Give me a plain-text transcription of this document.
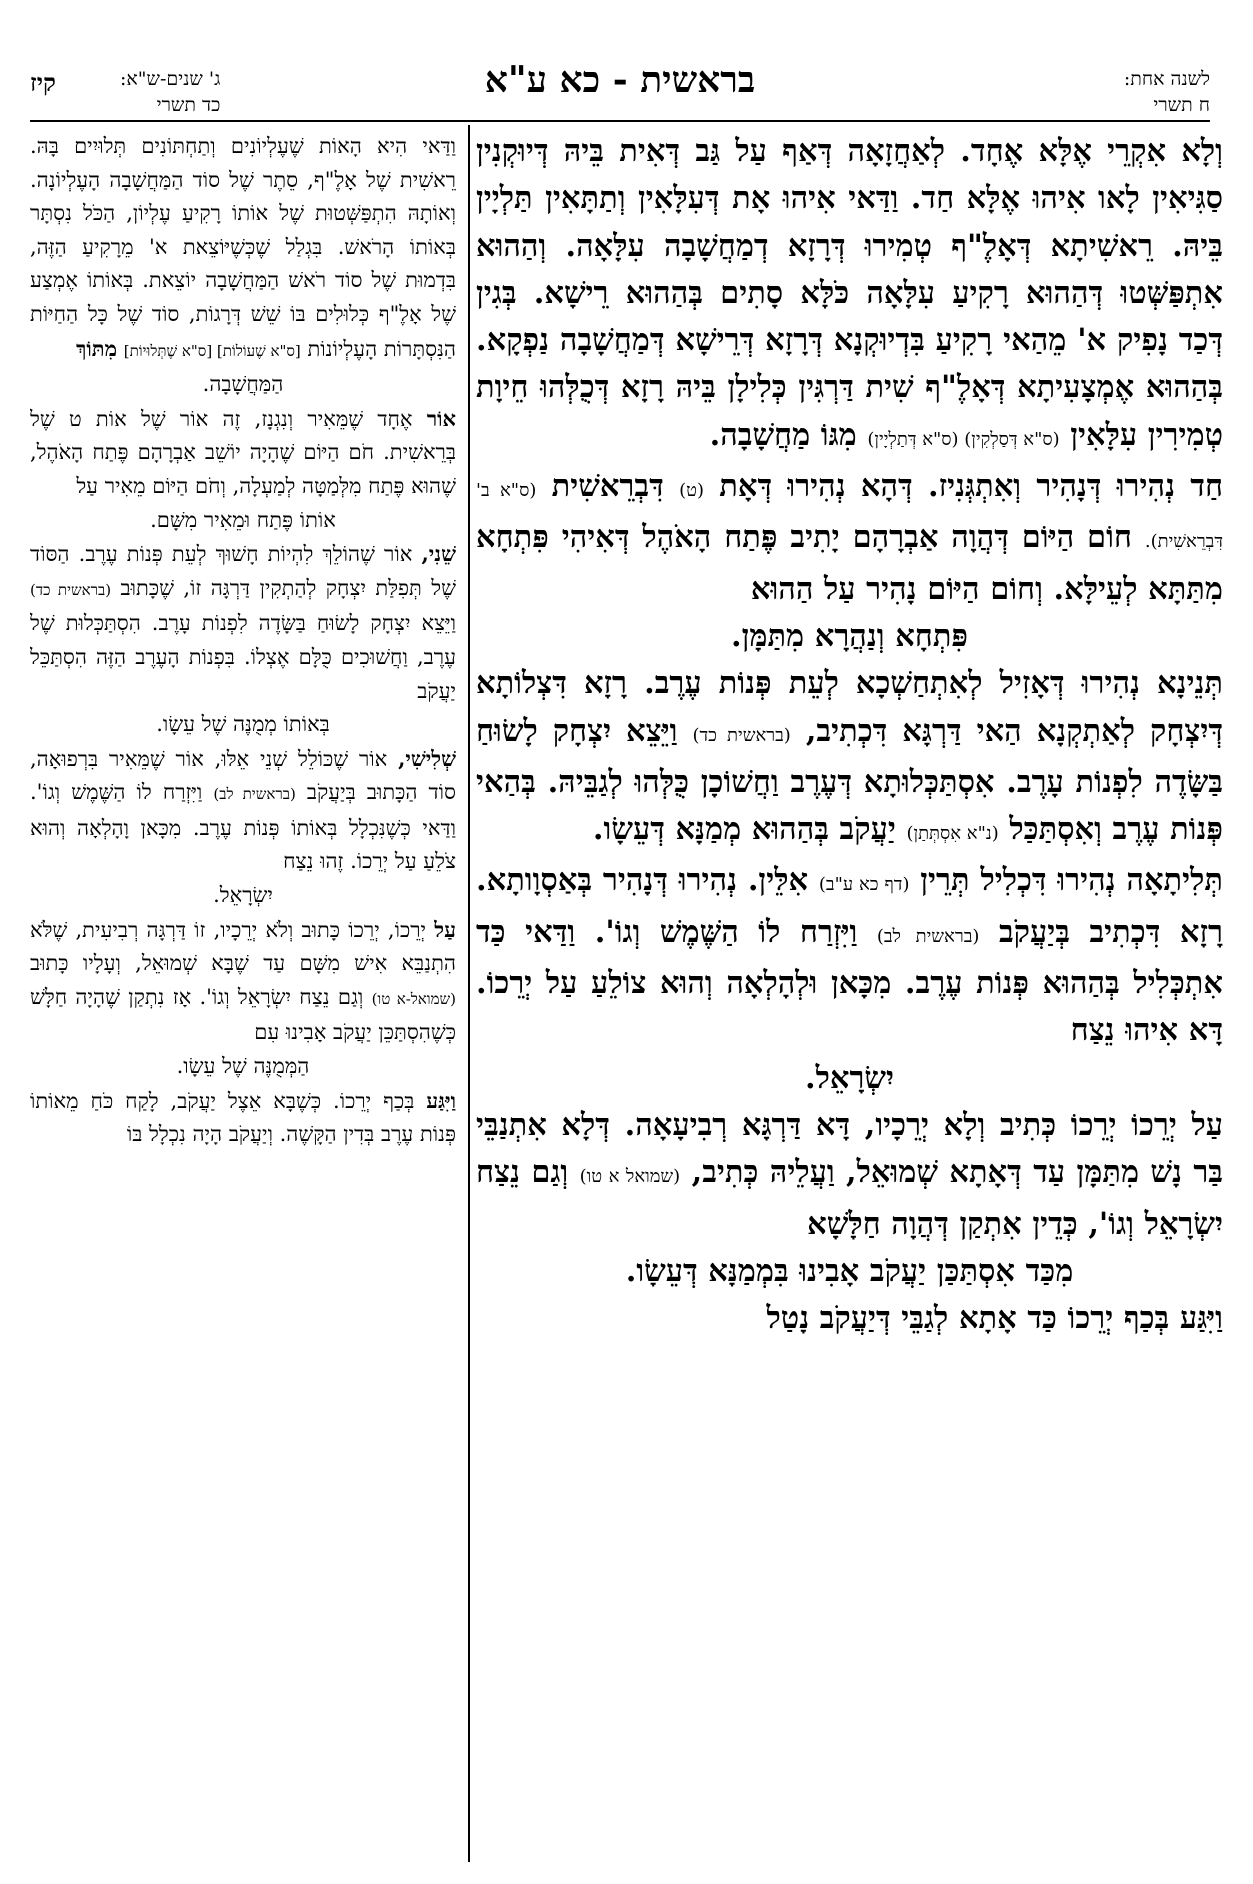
לשנה אחת:
ח תשרי
בראשית - כא ע"א
ג' שנים-ש"א:
כד תשרי
קיז

וְלָא אִקְרֵי אֶלָּא אֶחָד. לְאַחֲזָאָה דְּאַף עַל גַּב דְּאִית בֵּיהּ דְּיוּקְנִין סַגִּיאִין לָאו אִיהוּ אֶלָּא חַד. וַדַּאי אִיהוּ אָת דְּעִלָּאִין וְתַתָּאִין תַּלְיָין בֵּיהּ. רֵאשִׁיתָא דְּאָלֶ"ף טְמִירוּ דְּרָזָא דְמַחֲשָׁבָה עִלָּאָה. וְהַהוּא אִתְפַּשְּׁטוּ דְּהַהוּא רָקִיעַ עִלָּאָה כֹּלָּא סָתִים בְּהַהוּא רֵישָׁא. בְּגִין דְּכַד נָפִיק א' מֵהַאי רָקִיעַ בִּדְיוּקְנָא דְּרָזָא דְּרֵישָׁא דְּמַחֲשָׁבָה נַפְקָא. בְּהַהוּא אֶמְצָעִיתָא דְּאָלֶ"ף שִׁית דַּרְגִּין כְּלִילָן בֵּיהּ רָזָא דְּכֻלְּהוּ חֵיוָת טְמִירִין עִלָּאִין (ס"א דְּסַלְקִין) (ס"א דְּתַלְיָין) מִגּוֹ מַחֲשָׁבָה.

חַד נְהִירוּ דְּנָהִיר וְאִתְגְּנִיז. דְּהָא נְהִירוּ דְּאָת (ט) דִּבְרֵאשִׁית (ס"א ב' דִּבְרֵאשִׁית). חוֹם הַיּוֹם דְּהֲוָה אַבְרָהָם יָתִיב פֶּתַח הָאֹהֶל דְּאִיהִי פִּתְחָא מִתַּתָּא לְעֵילָּא. וְחוֹם הַיּוֹם נָהִיר עַל הַהוּא

פִּתְחָא וְנַהֲרָא מִתַּמָּן.

תְּנֵינָא נְהִירוּ דְּאָזִיל לְאִתְחַשְׁכָא לְעֵת פְּנוֹת עֶרֶב. רָזָא דִּצְלוֹתָא דְּיִצְחָק לְאַתְקְנָא הַאי דַּרְגָּא דִּכְתִיב, (בראשית כד) וַיֵּצֵא יִצְחָק לָשׂוּחַ בַּשָּׂדֶה לִפְנוֹת עָרֶב. אִסְתַּכְּלוּתָא דְּעֶרֶב וַחֲשׁוֹכָן כֻּלְּהוּ לְגַבֵּיהּ. בְּהַאי פְּנוֹת עֶרֶב וְאִסְתַּכַּל (נ"א אִסְתְּתַן) יַעֲקֹב בְּהַהוּא מְמַנָּא דְּעֵשָׂו.

תְּלִיתָאָה נְהִירוּ דִּכְלִיל תְּרֵין (דף כא ע"ב) אִלֵּין. נְהִירוּ דְּנָהִיר בְּאַסְוָותָא. רָזָא דִּכְתִיב בְּיַעֲקֹב (בראשית לב) וַיִּזְרַח לוֹ הַשֶּׁמֶשׁ וְגוֹ'. וַדַּאי כַּד אִתְכְּלִיל בְּהַהוּא פְּנוֹת עֶרֶב. מִכָּאן וּלְהָלְאָה וְהוּא צוֹלֵעַ עַל יְרֵכוֹ. דָּא אִיהוּ נֵצַח

יִשְׂרָאֵל.

עַל יְרֵכוֹ יְרֵכוֹ כְּתִיב וְלָא יְרֵכָיו, דָּא דַּרְגָּא רְבִיעָאָה. דְּלָא אִתְנַבֵּי בַּר נָשׁ מִתַּמָּן עַד דְּאָתָא שְׁמוּאֵל, וַעֲלֵיהּ כְּתִיב, (שמואל א טו) וְגַם נֵצַח יִשְׂרָאֵל וְגוֹ', כְּדֵין אִתְקַן דְּהֲוָה חַלָּשָׁא

מִכַּד אִסְתַּכַּן יַעֲקֹב אָבִינוּ בִּמְמַנָּא דְּעֵשָׂו.

וַיִּגַּע בְּכַף יְרֵכוֹ כַּד אָתָא לְגַבֵּי דְּיַעֲקֹב נָטַל

וַדַּאי הִיא הָאוֹת שֶׁעֶלְיוֹנִים וְתַחְתּוֹנִים תְּלוּיִים בָּהּ. רֵאשִׁית שֶׁל אָלֶ"ף, סֵתֶר שֶׁל סוֹד הַמַּחֲשָׁבָה הָעֶלְיוֹנָה. וְאוֹתָהּ הִתְפַּשְּׁטוּת שֶׁל אוֹתוֹ רָקִיעַ עֶלְיוֹן, הַכֹּל נִסְתָּר בְּאוֹתוֹ הָרֹאשׁ. בִּגְלַל שֶׁכְּשֶׁיּוֹצֵאת א' מֵרָקִיעַ הַזֶּה, בִּדְמוּת שֶׁל סוֹד רֹאשׁ הַמַּחֲשָׁבָה יוֹצֵאת. בְּאוֹתוֹ אֶמְצַע שֶׁל אָלֶ"ף כְּלוּלִים בּוֹ שֵׁשׁ דְּרָגוֹת, סוֹד שֶׁל כָּל הַחַיּוֹת הַנִּסְתָּרוֹת הָעֶלְיוֹנוֹת [ס"א שֶׁעוֹלוֹת] [ס"א שֶׁתְּלוּיוֹת] מִתּוֹךְ

הַמַּחֲשָׁבָה.

אוֹר אֶחָד שֶׁמֵּאִיר וְנִגְנָז, זֶה אוֹר שֶׁל אוֹת ט שֶׁל בְּרֵאשִׁית. חֹם הַיּוֹם שֶׁהָיָה יוֹשֵׁב אַבְרָהָם פֶּתַח הָאֹהֶל, שֶׁהוּא פֶּתַח מִלְּמַטָּה לְמַעְלָה, וְחֹם הַיּוֹם מֵאִיר עַל

אוֹתוֹ פֶּתַח וּמֵאִיר מִשָּׁם.

שֵׁנִי, אוֹר שֶׁהוֹלֵךְ לִהְיוֹת חָשׁוּךְ לְעֵת פְּנוֹת עֶרֶב. הַסּוֹד שֶׁל תְּפִלַּת יִצְחָק לְהַתְקִין דַּרְגָּה זוֹ, שֶׁכָּתוּב (בראשית כד) וַיֵּצֵא יִצְחָק לָשׂוּחַ בַּשָּׂדֶה לִפְנוֹת עָרֶב. הִסְתַּכְּלוּת שֶׁל עֶרֶב, וַחֲשׁוּכִים כֻּלָּם אֶצְלוֹ. בִּפְנוֹת הָעֶרֶב הַזֶּה הִסְתַּכֵּל יַעֲקֹב

בְּאוֹתוֹ מְמֻנֶּה שֶׁל עֵשָׂו.

שְׁלִישִׁי, אוֹר שֶׁכּוֹלֵל שְׁנֵי אֵלּוּ, אוֹר שֶׁמֵּאִיר בִּרְפוּאָה, סוֹד הַכָּתוּב בְּיַעֲקֹב (בראשית לב) וַיִּזְרַח לוֹ הַשֶּׁמֶשׁ וְגוֹ'. וַדַּאי כְּשֶׁנִּכְלָל בְּאוֹתוֹ פְּנוֹת עֶרֶב. מִכָּאן וָהָלְאָה וְהוּא צֹלֵעַ עַל יְרֵכוֹ. זֶהוּ נֵצַח

יִשְׂרָאֵל.

עַל יְרֵכוֹ, יְרֵכוֹ כָּתוּב וְלֹא יְרֵכָיו, זוֹ דַּרְגָּה רְבִיעִית, שֶׁלֹּא הִתְנַבֵּא אִישׁ מִשָּׁם עַד שֶׁבָּא שְׁמוּאֵל, וְעָלָיו כָּתוּב (שמואל-א טו) וְגַם נֵצַח יִשְׂרָאֵל וְגוֹ'. אָז נִתְקַן שֶׁהָיָה חַלָּשׁ כְּשֶׁהִסְתַּכֵּן יַעֲקֹב אָבִינוּ עִם

הַמְּמֻנֶּה שֶׁל עֵשָׂו.

וַיִּגַּע בְּכַף יְרֵכוֹ. כְּשֶׁבָּא אֵצֶל יַעֲקֹב, לָקַח כֹּחַ מֵאוֹתוֹ פְּנוֹת עֶרֶב בְּדִין הַקָּשֶׁה. וְיַעֲקֹב הָיָה נִכְלָל בּוֹ
